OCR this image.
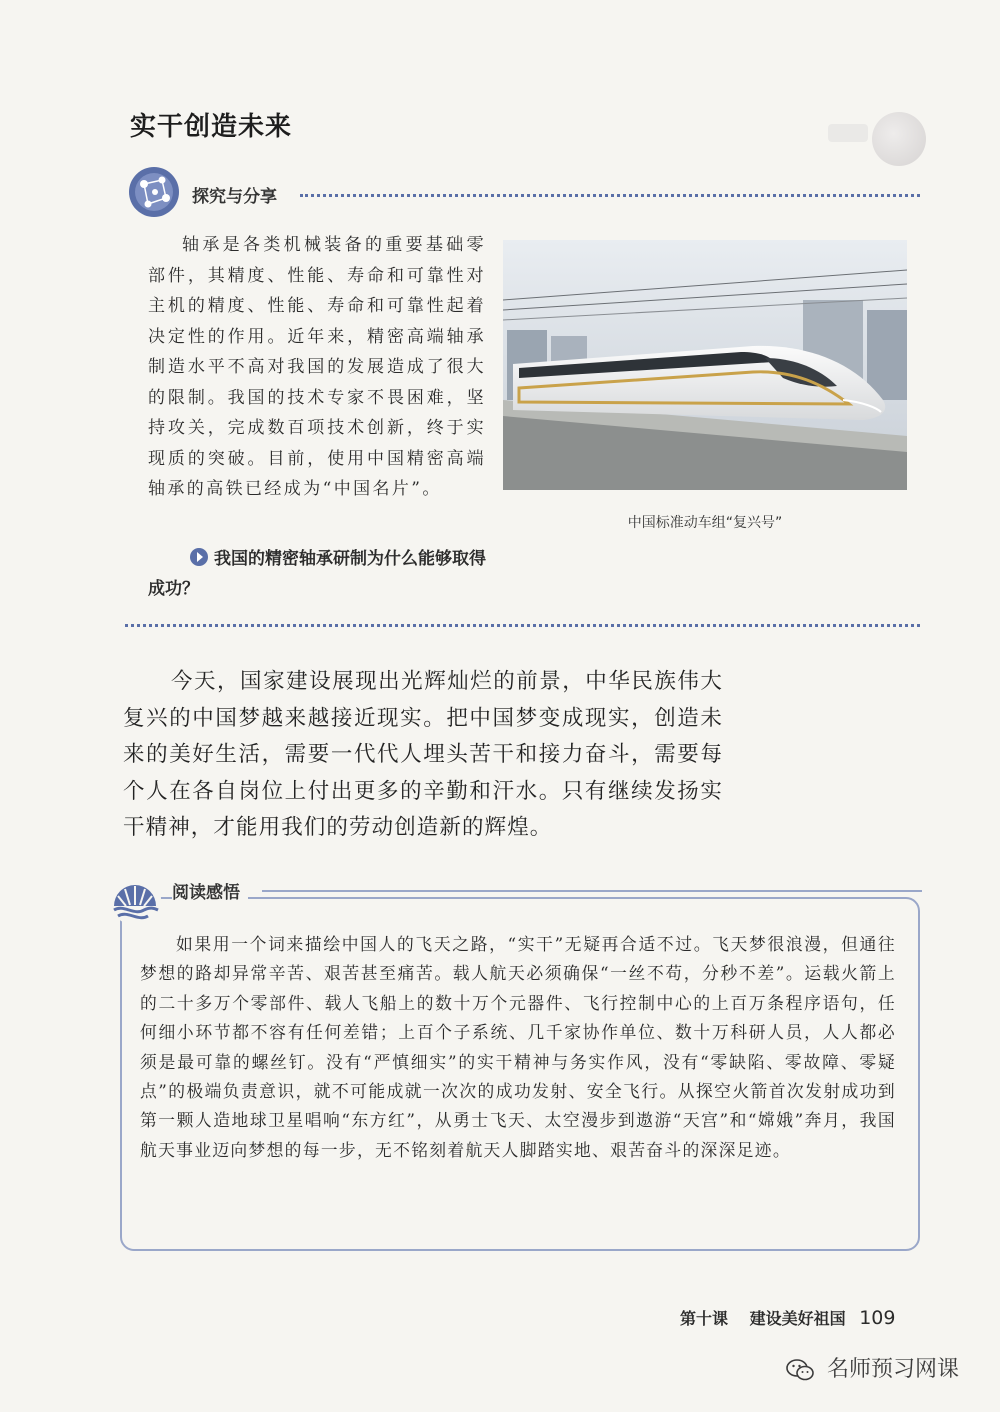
实干创造未来
探究与分享
轴承是各类机械装备的重要基础零部件，其精度、性能、寿命和可靠性对主机的精度、性能、寿命和可靠性起着决定性的作用。近年来，精密高端轴承制造水平不高对我国的发展造成了很大的限制。我国的技术专家不畏困难，坚持攻关，完成数百项技术创新，终于实现质的突破。目前，使用中国精密高端轴承的高铁已经成为“中国名片”。
中国标准动车组“复兴号”
我国的精密轴承研制为什么能够取得成功？
今天，国家建设展现出光辉灿烂的前景，中华民族伟大复兴的中国梦越来越接近现实。把中国梦变成现实，创造未来的美好生活，需要一代代人埋头苦干和接力奋斗，需要每个人在各自岗位上付出更多的辛勤和汗水。只有继续发扬实干精神，才能用我们的劳动创造新的辉煌。
阅读感悟
如果用一个词来描绘中国人的飞天之路，“实干”无疑再合适不过。飞天梦很浪漫，但通往梦想的路却异常辛苦、艰苦甚至痛苦。载人航天必须确保“一丝不苟，分秒不差”。运载火箭上的二十多万个零部件、载人飞船上的数十万个元器件、飞行控制中心的上百万条程序语句，任何细小环节都不容有任何差错；上百个子系统、几千家协作单位、数十万科研人员，人人都必须是最可靠的螺丝钉。没有“严慎细实”的实干精神与务实作风，没有“零缺陷、零故障、零疑点”的极端负责意识，就不可能成就一次次的成功发射、安全飞行。从探空火箭首次发射成功到第一颗人造地球卫星唱响“东方红”，从勇士飞天、太空漫步到遨游“天宫”和“嫦娥”奔月，我国航天事业迈向梦想的每一步，无不铭刻着航天人脚踏实地、艰苦奋斗的深深足迹。
第十课 建设美好祖国 109
名师预习网课
